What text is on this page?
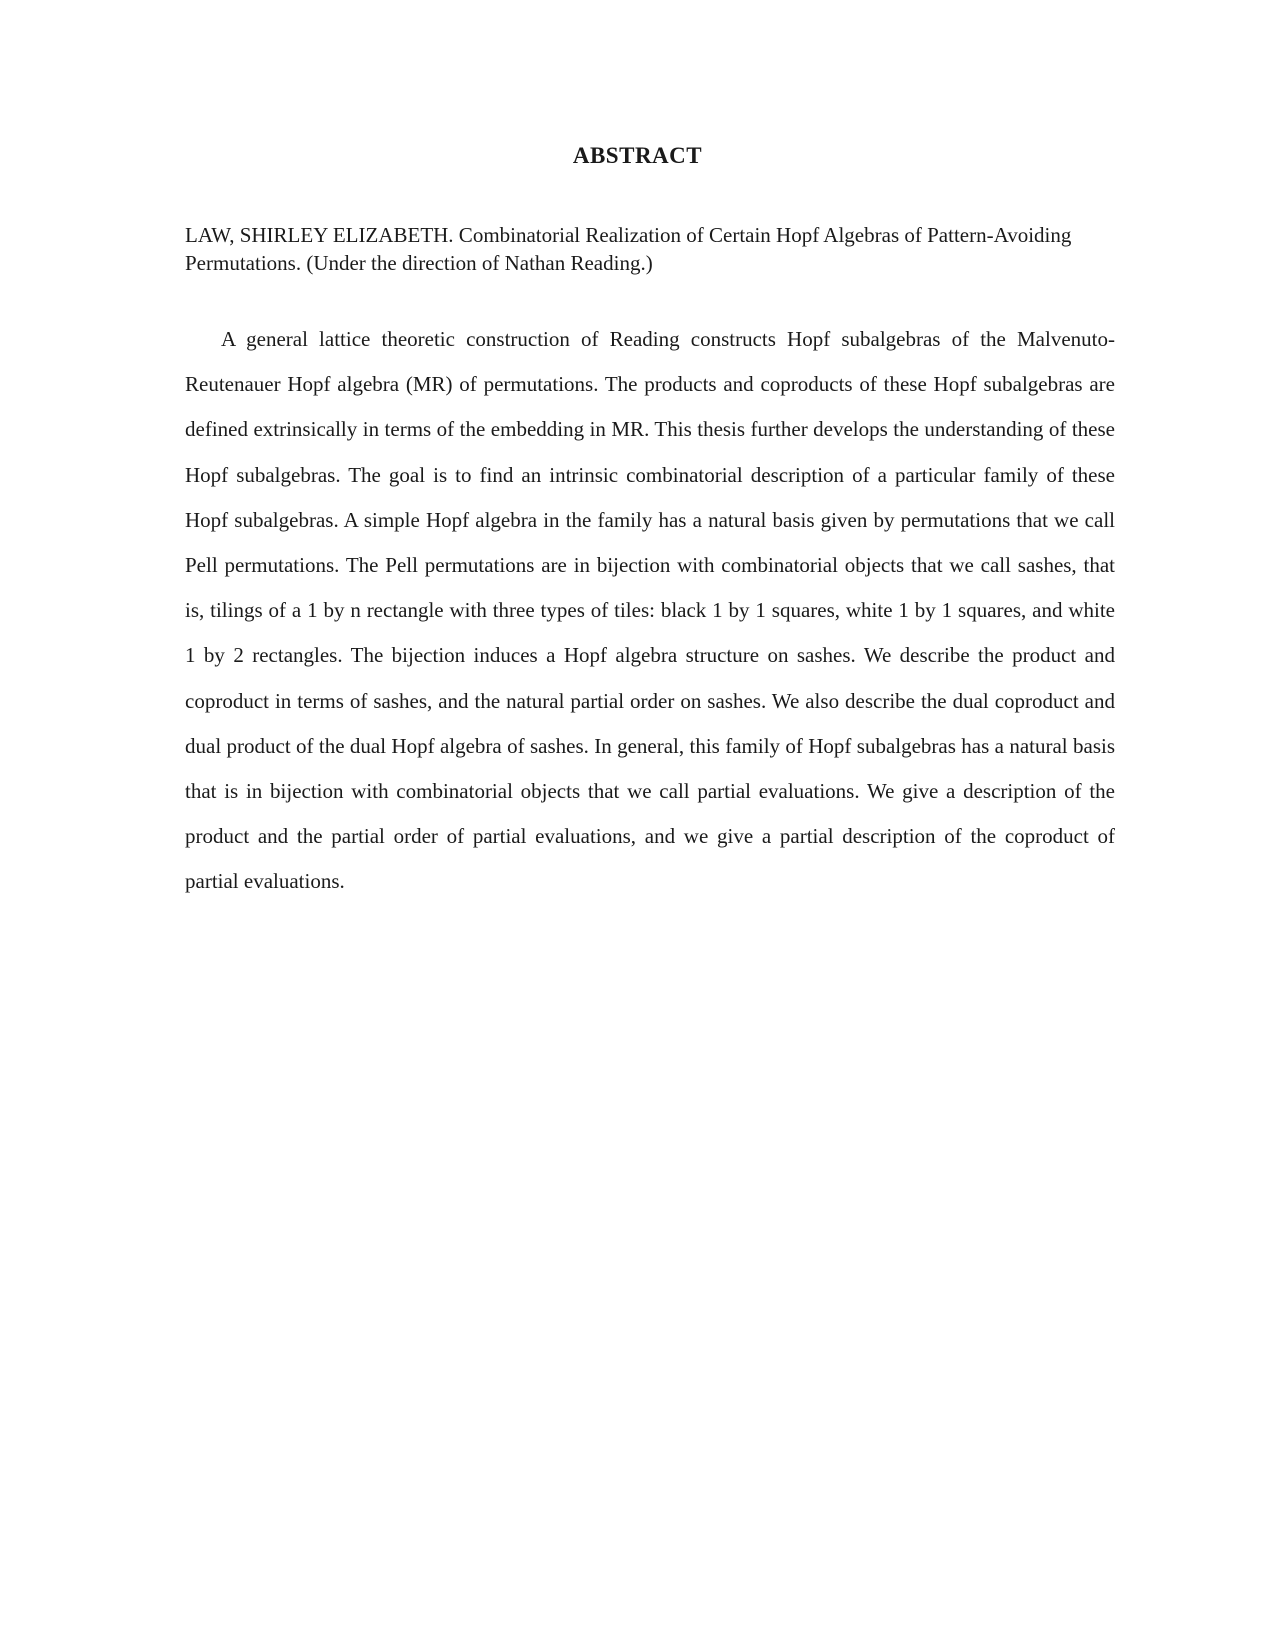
ABSTRACT

LAW, SHIRLEY ELIZABETH. Combinatorial Realization of Certain Hopf Algebras of Pattern-Avoiding Permutations. (Under the direction of Nathan Reading.)

A general lattice theoretic construction of Reading constructs Hopf subalgebras of the Malvenuto-Reutenauer Hopf algebra (MR) of permutations. The products and coproducts of these Hopf subalgebras are defined extrinsically in terms of the embedding in MR. This thesis further develops the understanding of these Hopf subalgebras. The goal is to find an intrinsic combinatorial description of a particular family of these Hopf subalgebras. A simple Hopf algebra in the family has a natural basis given by permutations that we call Pell permutations. The Pell permutations are in bijection with combinatorial objects that we call sashes, that is, tilings of a 1 by n rectangle with three types of tiles: black 1 by 1 squares, white 1 by 1 squares, and white 1 by 2 rectangles. The bijection induces a Hopf algebra structure on sashes. We describe the product and coproduct in terms of sashes, and the natural partial order on sashes. We also describe the dual coproduct and dual product of the dual Hopf algebra of sashes. In general, this family of Hopf subalgebras has a natural basis that is in bijection with combinatorial objects that we call partial evaluations. We give a description of the product and the partial order of partial evaluations, and we give a partial description of the coproduct of partial evaluations.
